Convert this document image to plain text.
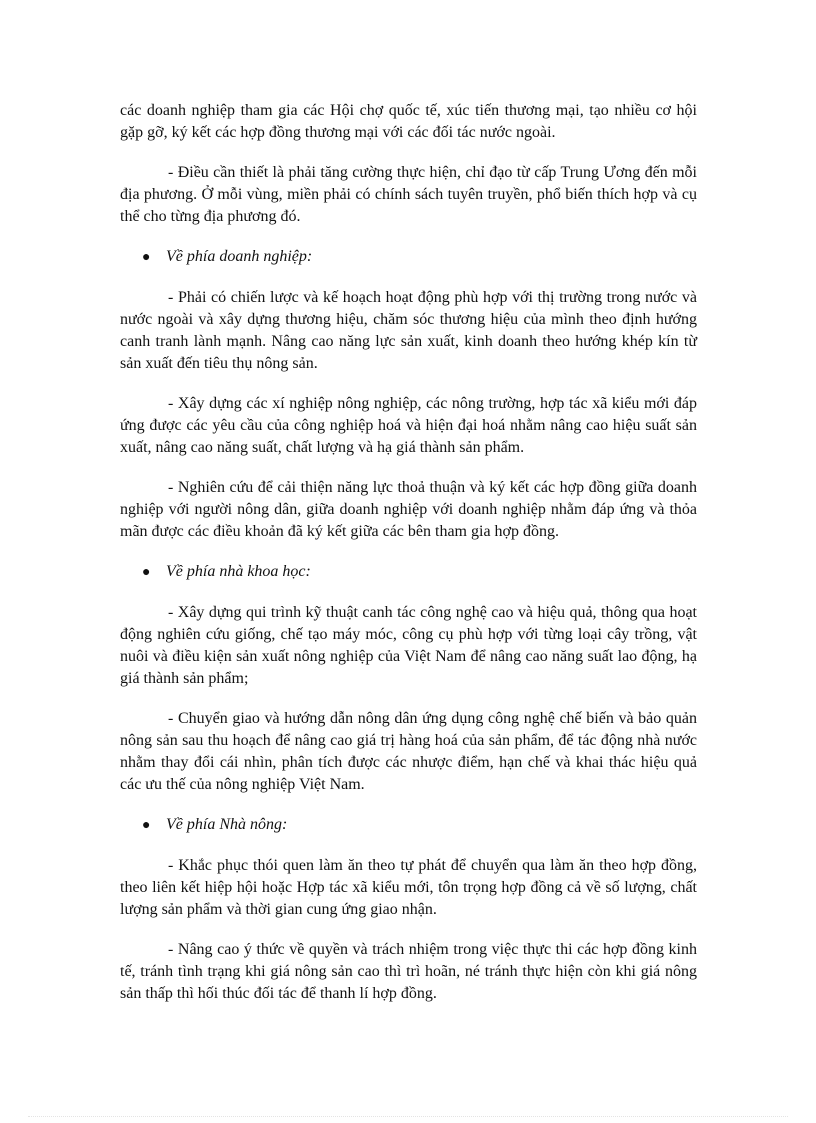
các doanh nghiệp tham gia các Hội chợ quốc tế, xúc tiến thương mại, tạo nhiều cơ hội gặp gỡ, ký kết các hợp đồng thương mại với các đối tác nước ngoài.

- Điều cần thiết là phải tăng cường thực hiện, chỉ đạo từ cấp Trung Ương đến mỗi địa phương. Ở mỗi vùng, miền phải có chính sách tuyên truyền, phổ biến thích hợp và cụ thể cho từng địa phương đó.

● Về phía doanh nghiệp:

- Phải có chiến lược và kế hoạch hoạt động phù hợp với thị trường trong nước và nước ngoài và xây dựng thương hiệu, chăm sóc thương hiệu của mình theo định hướng canh tranh lành mạnh. Nâng cao năng lực sản xuất, kinh doanh theo hướng khép kín từ sản xuất đến tiêu thụ nông sản.

- Xây dựng các xí nghiệp nông nghiệp, các nông trường, hợp tác xã kiểu mới đáp ứng được các yêu cầu của công nghiệp hoá và hiện đại hoá nhằm nâng cao hiệu suất sản xuất, nâng cao năng suất, chất lượng và hạ giá thành sản phẩm.

- Nghiên cứu để cải thiện năng lực thoả thuận và ký kết các hợp đồng giữa doanh nghiệp với người nông dân, giữa doanh nghiệp với doanh nghiệp nhằm đáp ứng và thỏa mãn được các điều khoản đã ký kết giữa các bên tham gia hợp đồng.

● Về phía nhà khoa học:

- Xây dựng qui trình kỹ thuật canh tác công nghệ cao và hiệu quả, thông qua hoạt động nghiên cứu giống, chế tạo máy móc, công cụ phù hợp với từng loại cây trồng, vật nuôi và điều kiện sản xuất nông nghiệp của Việt Nam để nâng cao năng suất lao động, hạ giá thành sản phẩm;

- Chuyển giao và hướng dẫn nông dân ứng dụng công nghệ chế biến và bảo quản nông sản sau thu hoạch để nâng cao giá trị hàng hoá của sản phẩm, để tác động nhà nước nhằm thay đổi cái nhìn, phân tích được các nhược điểm, hạn chế và khai thác hiệu quả các ưu thế của nông nghiệp Việt Nam.

● Về phía Nhà nông:

- Khắc phục thói quen làm ăn theo tự phát để chuyển qua làm ăn theo hợp đồng, theo liên kết hiệp hội hoặc Hợp tác xã kiểu mới, tôn trọng hợp đồng cả về số lượng, chất lượng sản phẩm và thời gian cung ứng giao nhận.

- Nâng cao ý thức về quyền và trách nhiệm trong việc thực thi các hợp đồng kinh tế, tránh tình trạng khi giá nông sản cao thì trì hoãn, né tránh thực hiện còn khi giá nông sản thấp thì hối thúc đối tác để thanh lí hợp đồng.
